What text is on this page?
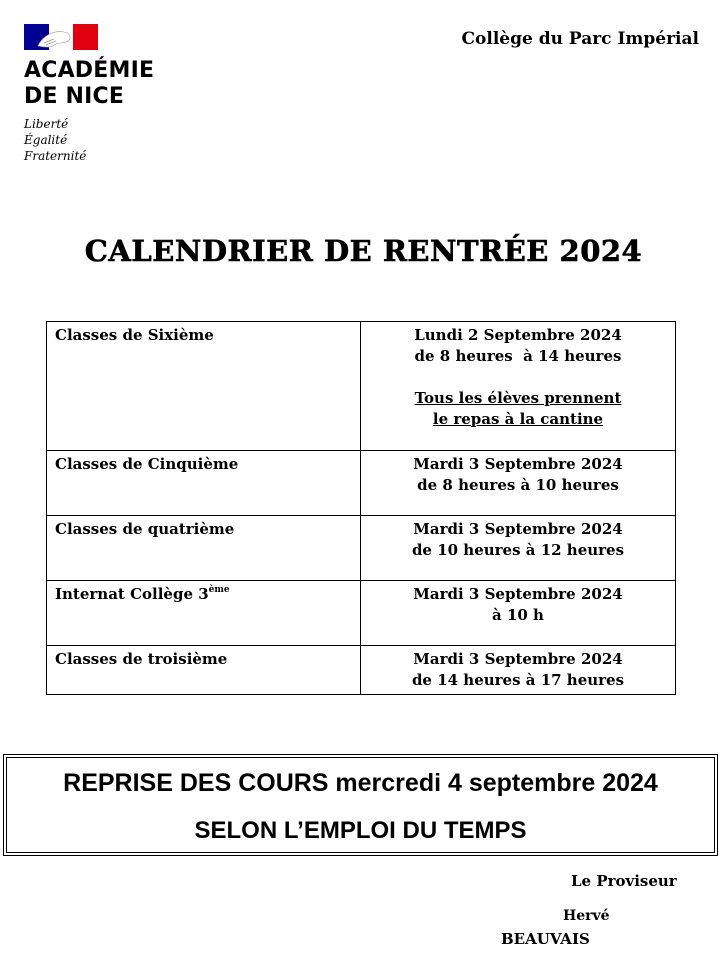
ACADÉMIE
DE NICE
Liberté
Égalité
Fraternité
Collège du Parc Impérial
CALENDRIER DE RENTRÉE 2024
Classes de Sixième	Lundi 2 Septembre 2024
de 8 heures  à 14 heures
Tous les élèves prennent
le repas à la cantine

Classes de Cinquième	Mardi 3 Septembre 2024
de 8 heures à 10 heures

Classes de quatrième	Mardi 3 Septembre 2024
de 10 heures à 12 heures

Internat Collège 3ème	Mardi 3 Septembre 2024
à 10 h

Classes de troisième	Mardi 3 Septembre 2024
de 14 heures à 17 heures
REPRISE DES COURS mercredi 4 septembre 2024
SELON L’EMPLOI DU TEMPS
Le Proviseur
Hervé
BEAUVAIS
